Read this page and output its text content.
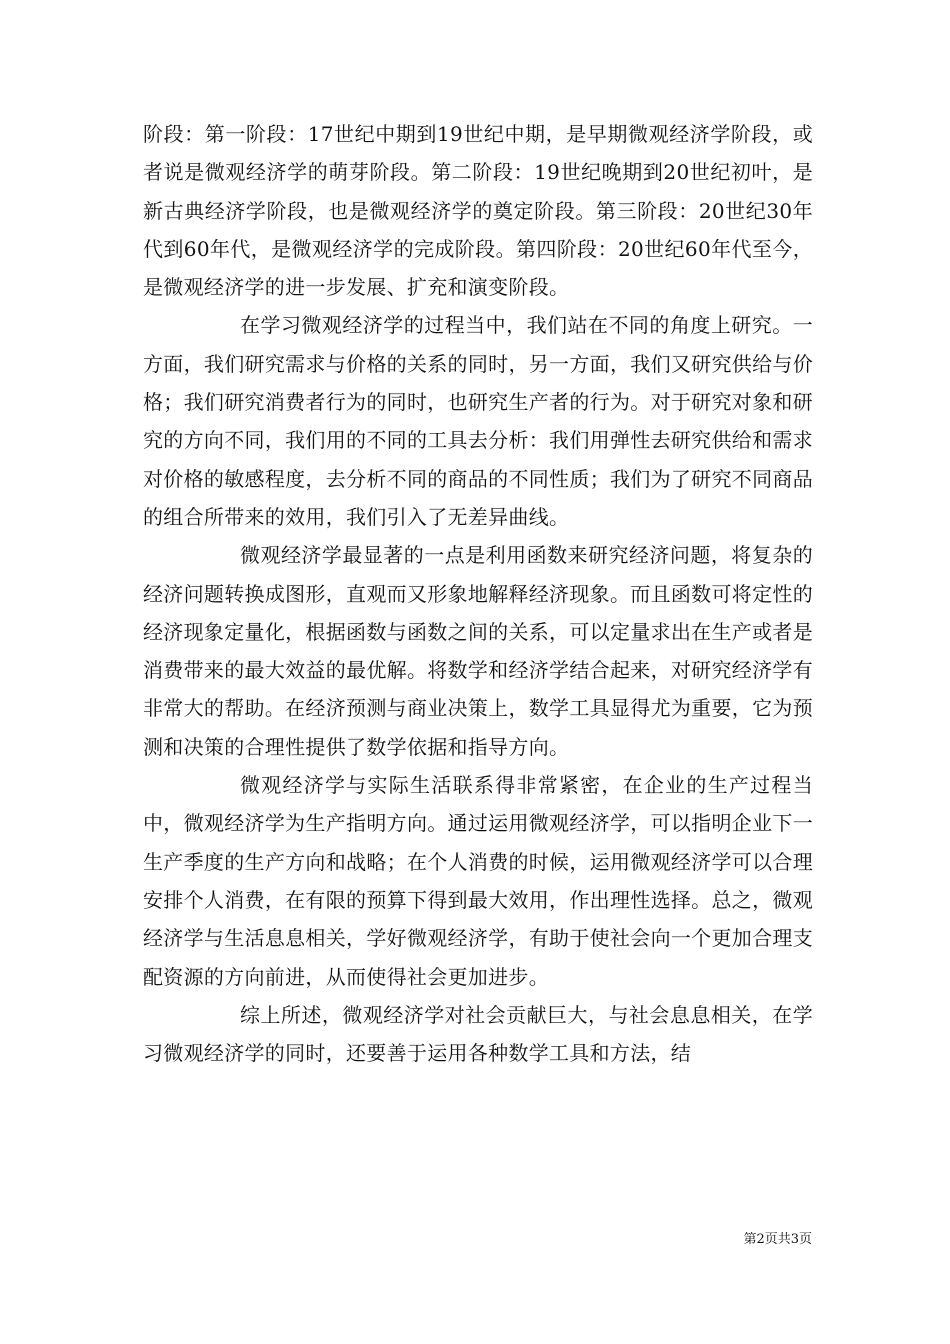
阶段：第一阶段：17世纪中期到19世纪中期，是早期微观经济学阶段，或者说是微观经济学的萌芽阶段。第二阶段：19世纪晚期到20世纪初叶，是新古典经济学阶段，也是微观经济学的奠定阶段。第三阶段：20世纪30年代到60年代，是微观经济学的完成阶段。第四阶段：20世纪60年代至今，是微观经济学的进一步发展、扩充和演变阶段。

在学习微观经济学的过程当中，我们站在不同的角度上研究。一方面，我们研究需求与价格的关系的同时，另一方面，我们又研究供给与价格；我们研究消费者行为的同时，也研究生产者的行为。对于研究对象和研究的方向不同，我们用的不同的工具去分析：我们用弹性去研究供给和需求对价格的敏感程度，去分析不同的商品的不同性质；我们为了研究不同商品的组合所带来的效用，我们引入了无差异曲线。

微观经济学最显著的一点是利用函数来研究经济问题，将复杂的经济问题转换成图形，直观而又形象地解释经济现象。而且函数可将定性的经济现象定量化，根据函数与函数之间的关系，可以定量求出在生产或者是消费带来的最大效益的最优解。将数学和经济学结合起来，对研究经济学有非常大的帮助。在经济预测与商业决策上，数学工具显得尤为重要，它为预测和决策的合理性提供了数学依据和指导方向。

微观经济学与实际生活联系得非常紧密，在企业的生产过程当中，微观经济学为生产指明方向。通过运用微观经济学，可以指明企业下一生产季度的生产方向和战略；在个人消费的时候，运用微观经济学可以合理安排个人消费，在有限的预算下得到最大效用，作出理性选择。总之，微观经济学与生活息息相关，学好微观经济学，有助于使社会向一个更加合理支配资源的方向前进，从而使得社会更加进步。

综上所述，微观经济学对社会贡献巨大，与社会息息相关，在学习微观经济学的同时，还要善于运用各种数学工具和方法，结

第2页共3页
